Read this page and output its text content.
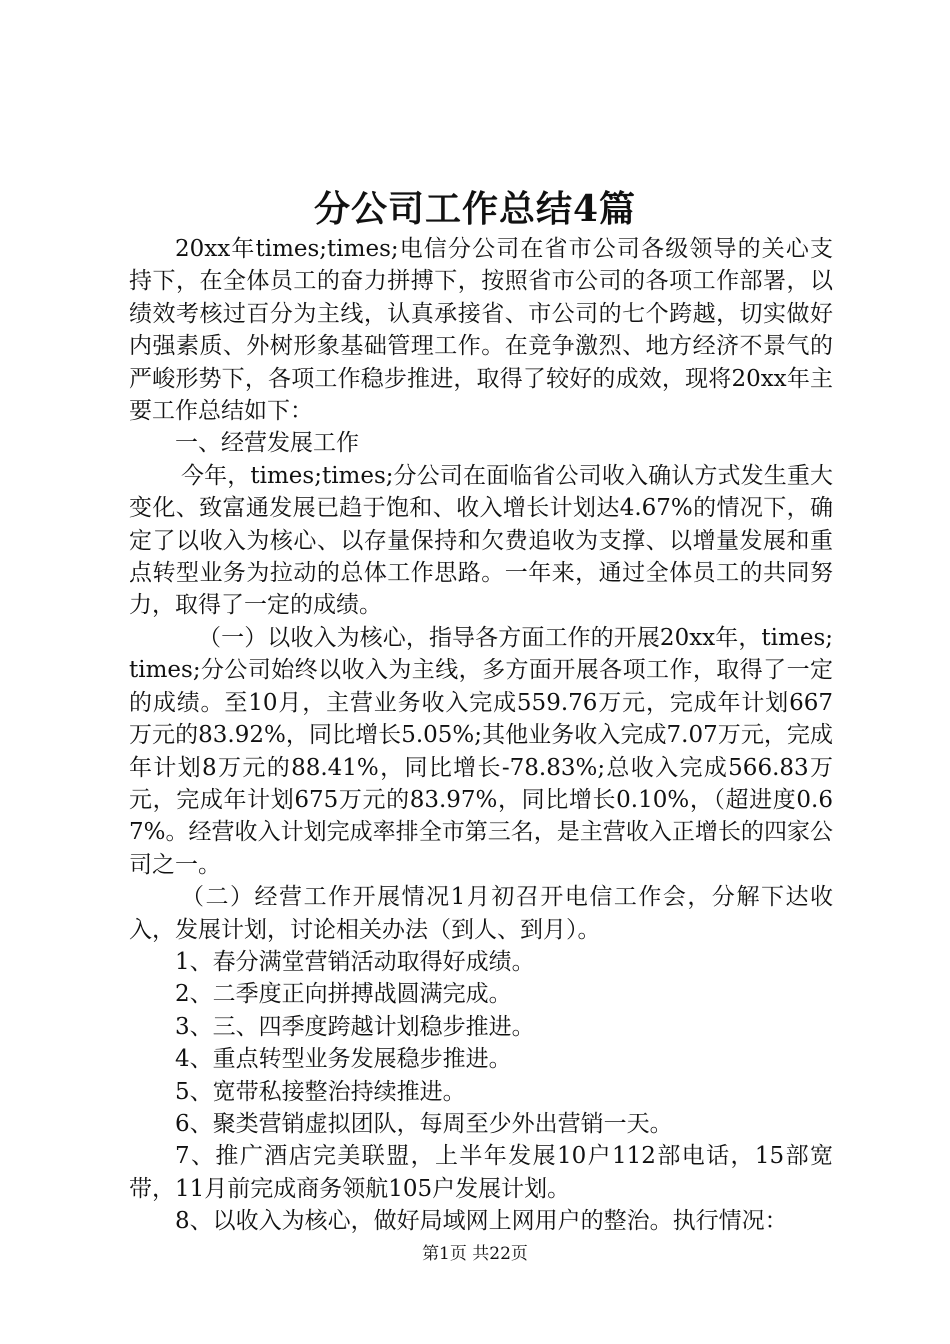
分公司工作总结4篇

20xx年times;times;电信分公司在省市公司各级领导的关心支持下，在全体员工的奋力拼搏下，按照省市公司的各项工作部署，以绩效考核过百分为主线，认真承接省、市公司的七个跨越，切实做好内强素质、外树形象基础管理工作。在竞争激烈、地方经济不景气的严峻形势下，各项工作稳步推进，取得了较好的成效，现将20xx年主要工作总结如下：

一、经营发展工作

今年，times;times;分公司在面临省公司收入确认方式发生重大变化、致富通发展已趋于饱和、收入增长计划达4.67%的情况下，确定了以收入为核心、以存量保持和欠费追收为支撑、以增量发展和重点转型业务为拉动的总体工作思路。一年来，通过全体员工的共同努力，取得了一定的成绩。

（一）以收入为核心，指导各方面工作的开展20xx年，times;times;分公司始终以收入为主线，多方面开展各项工作，取得了一定的成绩。至10月，主营业务收入完成559.76万元，完成年计划667万元的83.92%，同比增长5.05%;其他业务收入完成7.07万元，完成年计划8万元的88.41%，同比增长-78.83%;总收入完成566.83万元，完成年计划675万元的83.97%，同比增长0.10%，（超进度0.67%。经营收入计划完成率排全市第三名，是主营收入正增长的四家公司之一。

（二）经营工作开展情况1月初召开电信工作会，分解下达收入，发展计划，讨论相关办法（到人、到月）。

1、春分满堂营销活动取得好成绩。

2、二季度正向拼搏战圆满完成。

3、三、四季度跨越计划稳步推进。

4、重点转型业务发展稳步推进。

5、宽带私接整治持续推进。

6、聚类营销虚拟团队，每周至少外出营销一天。

7、推广酒店完美联盟，上半年发展10户112部电话，15部宽带，11月前完成商务领航105户发展计划。

8、以收入为核心，做好局域网上网用户的整治。执行情况：

第1页 共22页
